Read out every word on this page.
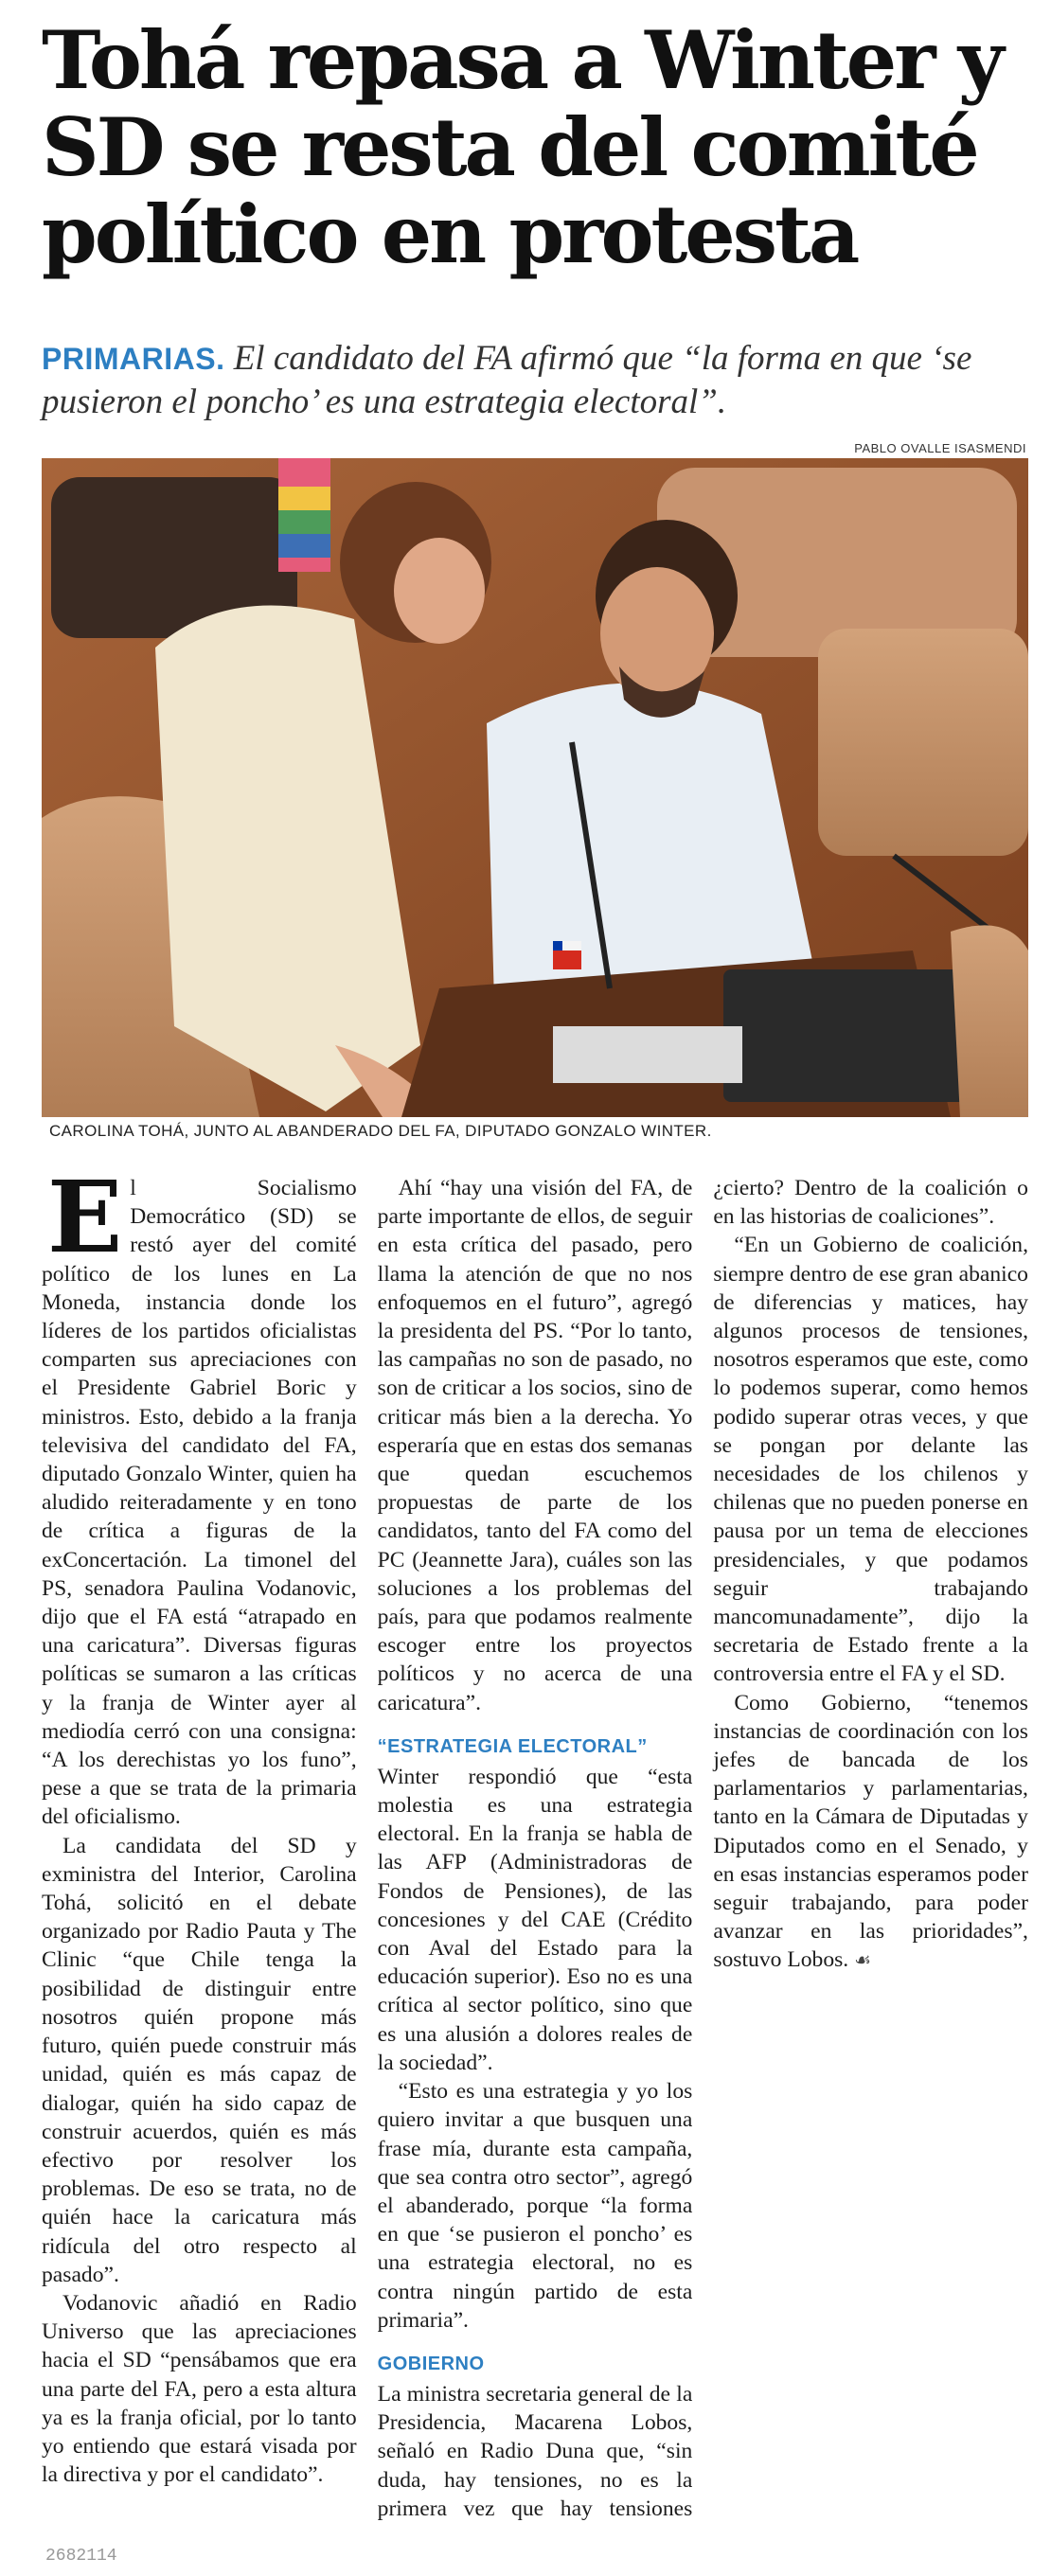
Tohá repasa a Winter y
SD se resta del comité
político en protesta
PRIMARIAS. El candidato del FA afirmó que “la forma en que ‘se pusieron el poncho’ es una estrategia electoral”.
PABLO OVALLE ISASMENDI
CAROLINA TOHÁ, JUNTO AL ABANDERADO DEL FA, DIPUTADO GONZALO WINTER.

El Socialismo Democrático (SD) se restó ayer del comité político de los lunes en La Moneda, instancia donde los líderes de los partidos oficialistas comparten sus apreciaciones con el Presidente Gabriel Boric y ministros. Esto, debido a la franja televisiva del candidato del FA, diputado Gonzalo Winter, quien ha aludido reiteradamente y en tono de crítica a figuras de la exConcertación. La timonel del PS, senadora Paulina Vodanovic, dijo que el FA está “atrapado en una caricatura”. Diversas figuras políticas se sumaron a las críticas y la franja de Winter ayer al mediodía cerró con una consigna: “A los derechistas yo los funo”, pese a que se trata de la primaria del oficialismo.

La candidata del SD y exministra del Interior, Carolina Tohá, solicitó en el debate organizado por Radio Pauta y The Clinic “que Chile tenga la posibilidad de distinguir entre nosotros quién propone más futuro, quién puede construir más unidad, quién es más capaz de dialogar, quién ha sido capaz de construir acuerdos, quién es más efectivo por resolver los problemas. De eso se trata, no de quién hace la caricatura más ridícula del otro respecto al pasado”.

Vodanovic añadió en Radio Universo que las apreciaciones hacia el SD “pensábamos que era una parte del FA, pero a esta altura ya es la franja oficial, por lo tanto yo entiendo que estará visada por la directiva y por el candidato”.

Ahí “hay una visión del FA, de parte importante de ellos, de seguir en esta crítica del pasado, pero llama la atención de que no nos enfoquemos en el futuro”, agregó la presidenta del PS. “Por lo tanto, las campañas no son de pasado, no son de criticar a los socios, sino de criticar más bien a la derecha. Yo esperaría que en estas dos semanas que quedan escuchemos propuestas de parte de los candidatos, tanto del FA como del PC (Jeannette Jara), cuáles son las soluciones a los problemas del país, para que podamos realmente escoger entre los proyectos políticos y no acerca de una caricatura”.

“ESTRATEGIA ELECTORAL”

Winter respondió que “esta molestia es una estrategia electoral. En la franja se habla de las AFP (Administradoras de Fondos de Pensiones), de las concesiones y del CAE (Crédito con Aval del Estado para la educación superior). Eso no es una crítica al sector político, sino que es una alusión a dolores reales de la sociedad”.

“Esto es una estrategia y yo los quiero invitar a que busquen una frase mía, durante esta campaña, que sea contra otro sector”, agregó el abanderado, porque “la forma en que ‘se pusieron el poncho’ es una estrategia electoral, no es contra ningún partido de esta primaria”.

GOBIERNO

La ministra secretaria general de la Presidencia, Macarena Lobos, señaló en Radio Duna que, “sin duda, hay tensiones, no es la primera vez que hay tensiones ¿cierto? Dentro de la coalición o en las historias de coaliciones”.

“En un Gobierno de coalición, siempre dentro de ese gran abanico de diferencias y matices, hay algunos procesos de tensiones, nosotros esperamos que este, como lo podemos superar, como hemos podido superar otras veces, y que se pongan por delante las necesidades de los chilenos y chilenas que no pueden ponerse en pausa por un tema de elecciones presidenciales, y que podamos seguir trabajando mancomunadamente”, dijo la secretaria de Estado frente a la controversia entre el FA y el SD.

Como Gobierno, “tenemos instancias de coordinación con los jefes de bancada de los parlamentarios y parlamentarias, tanto en la Cámara de Diputadas y Diputados como en el Senado, y en esas instancias esperamos poder seguir trabajando, para poder avanzar en las prioridades”, sostuvo Lobos. ☙

2682114
